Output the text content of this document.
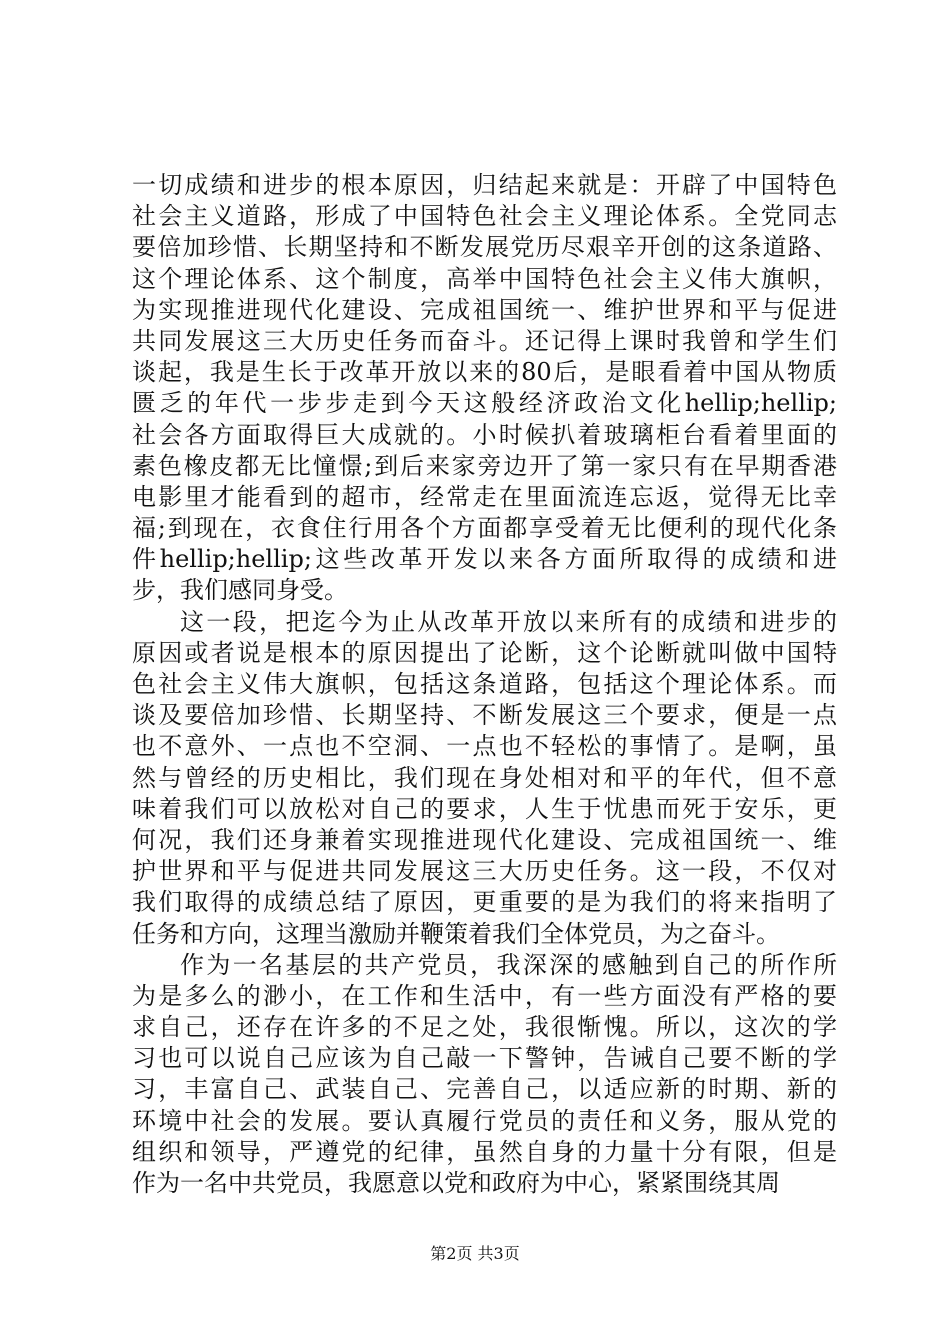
一切成绩和进步的根本原因，归结起来就是：开辟了中国特色
社会主义道路，形成了中国特色社会主义理论体系。全党同志
要倍加珍惜、长期坚持和不断发展党历尽艰辛开创的这条道路、
这个理论体系、这个制度，高举中国特色社会主义伟大旗帜，
为实现推进现代化建设、完成祖国统一、维护世界和平与促进
共同发展这三大历史任务而奋斗。还记得上课时我曾和学生们
谈起，我是生长于改革开放以来的80后，是眼看着中国从物质
匮乏的年代一步步走到今天这般经济政治文化hellip;hellip;
社会各方面取得巨大成就的。小时候扒着玻璃柜台看着里面的
素色橡皮都无比憧憬;到后来家旁边开了第一家只有在早期香港
电影里才能看到的超市，经常走在里面流连忘返，觉得无比幸
福;到现在，衣食住行用各个方面都享受着无比便利的现代化条
件hellip;hellip;这些改革开发以来各方面所取得的成绩和进
步，我们感同身受。
这一段，把迄今为止从改革开放以来所有的成绩和进步的
原因或者说是根本的原因提出了论断，这个论断就叫做中国特
色社会主义伟大旗帜，包括这条道路，包括这个理论体系。而
谈及要倍加珍惜、长期坚持、不断发展这三个要求，便是一点
也不意外、一点也不空洞、一点也不轻松的事情了。是啊，虽
然与曾经的历史相比，我们现在身处相对和平的年代，但不意
味着我们可以放松对自己的要求，人生于忧患而死于安乐，更
何况，我们还身兼着实现推进现代化建设、完成祖国统一、维
护世界和平与促进共同发展这三大历史任务。这一段，不仅对
我们取得的成绩总结了原因，更重要的是为我们的将来指明了
任务和方向，这理当激励并鞭策着我们全体党员，为之奋斗。
作为一名基层的共产党员，我深深的感触到自己的所作所
为是多么的渺小，在工作和生活中，有一些方面没有严格的要
求自己，还存在许多的不足之处，我很惭愧。所以，这次的学
习也可以说自己应该为自己敲一下警钟，告诫自己要不断的学
习，丰富自己、武装自己、完善自己，以适应新的时期、新的
环境中社会的发展。要认真履行党员的责任和义务，服从党的
组织和领导，严遵党的纪律，虽然自身的力量十分有限，但是
作为一名中共党员，我愿意以党和政府为中心，紧紧围绕其周
第2页 共3页
